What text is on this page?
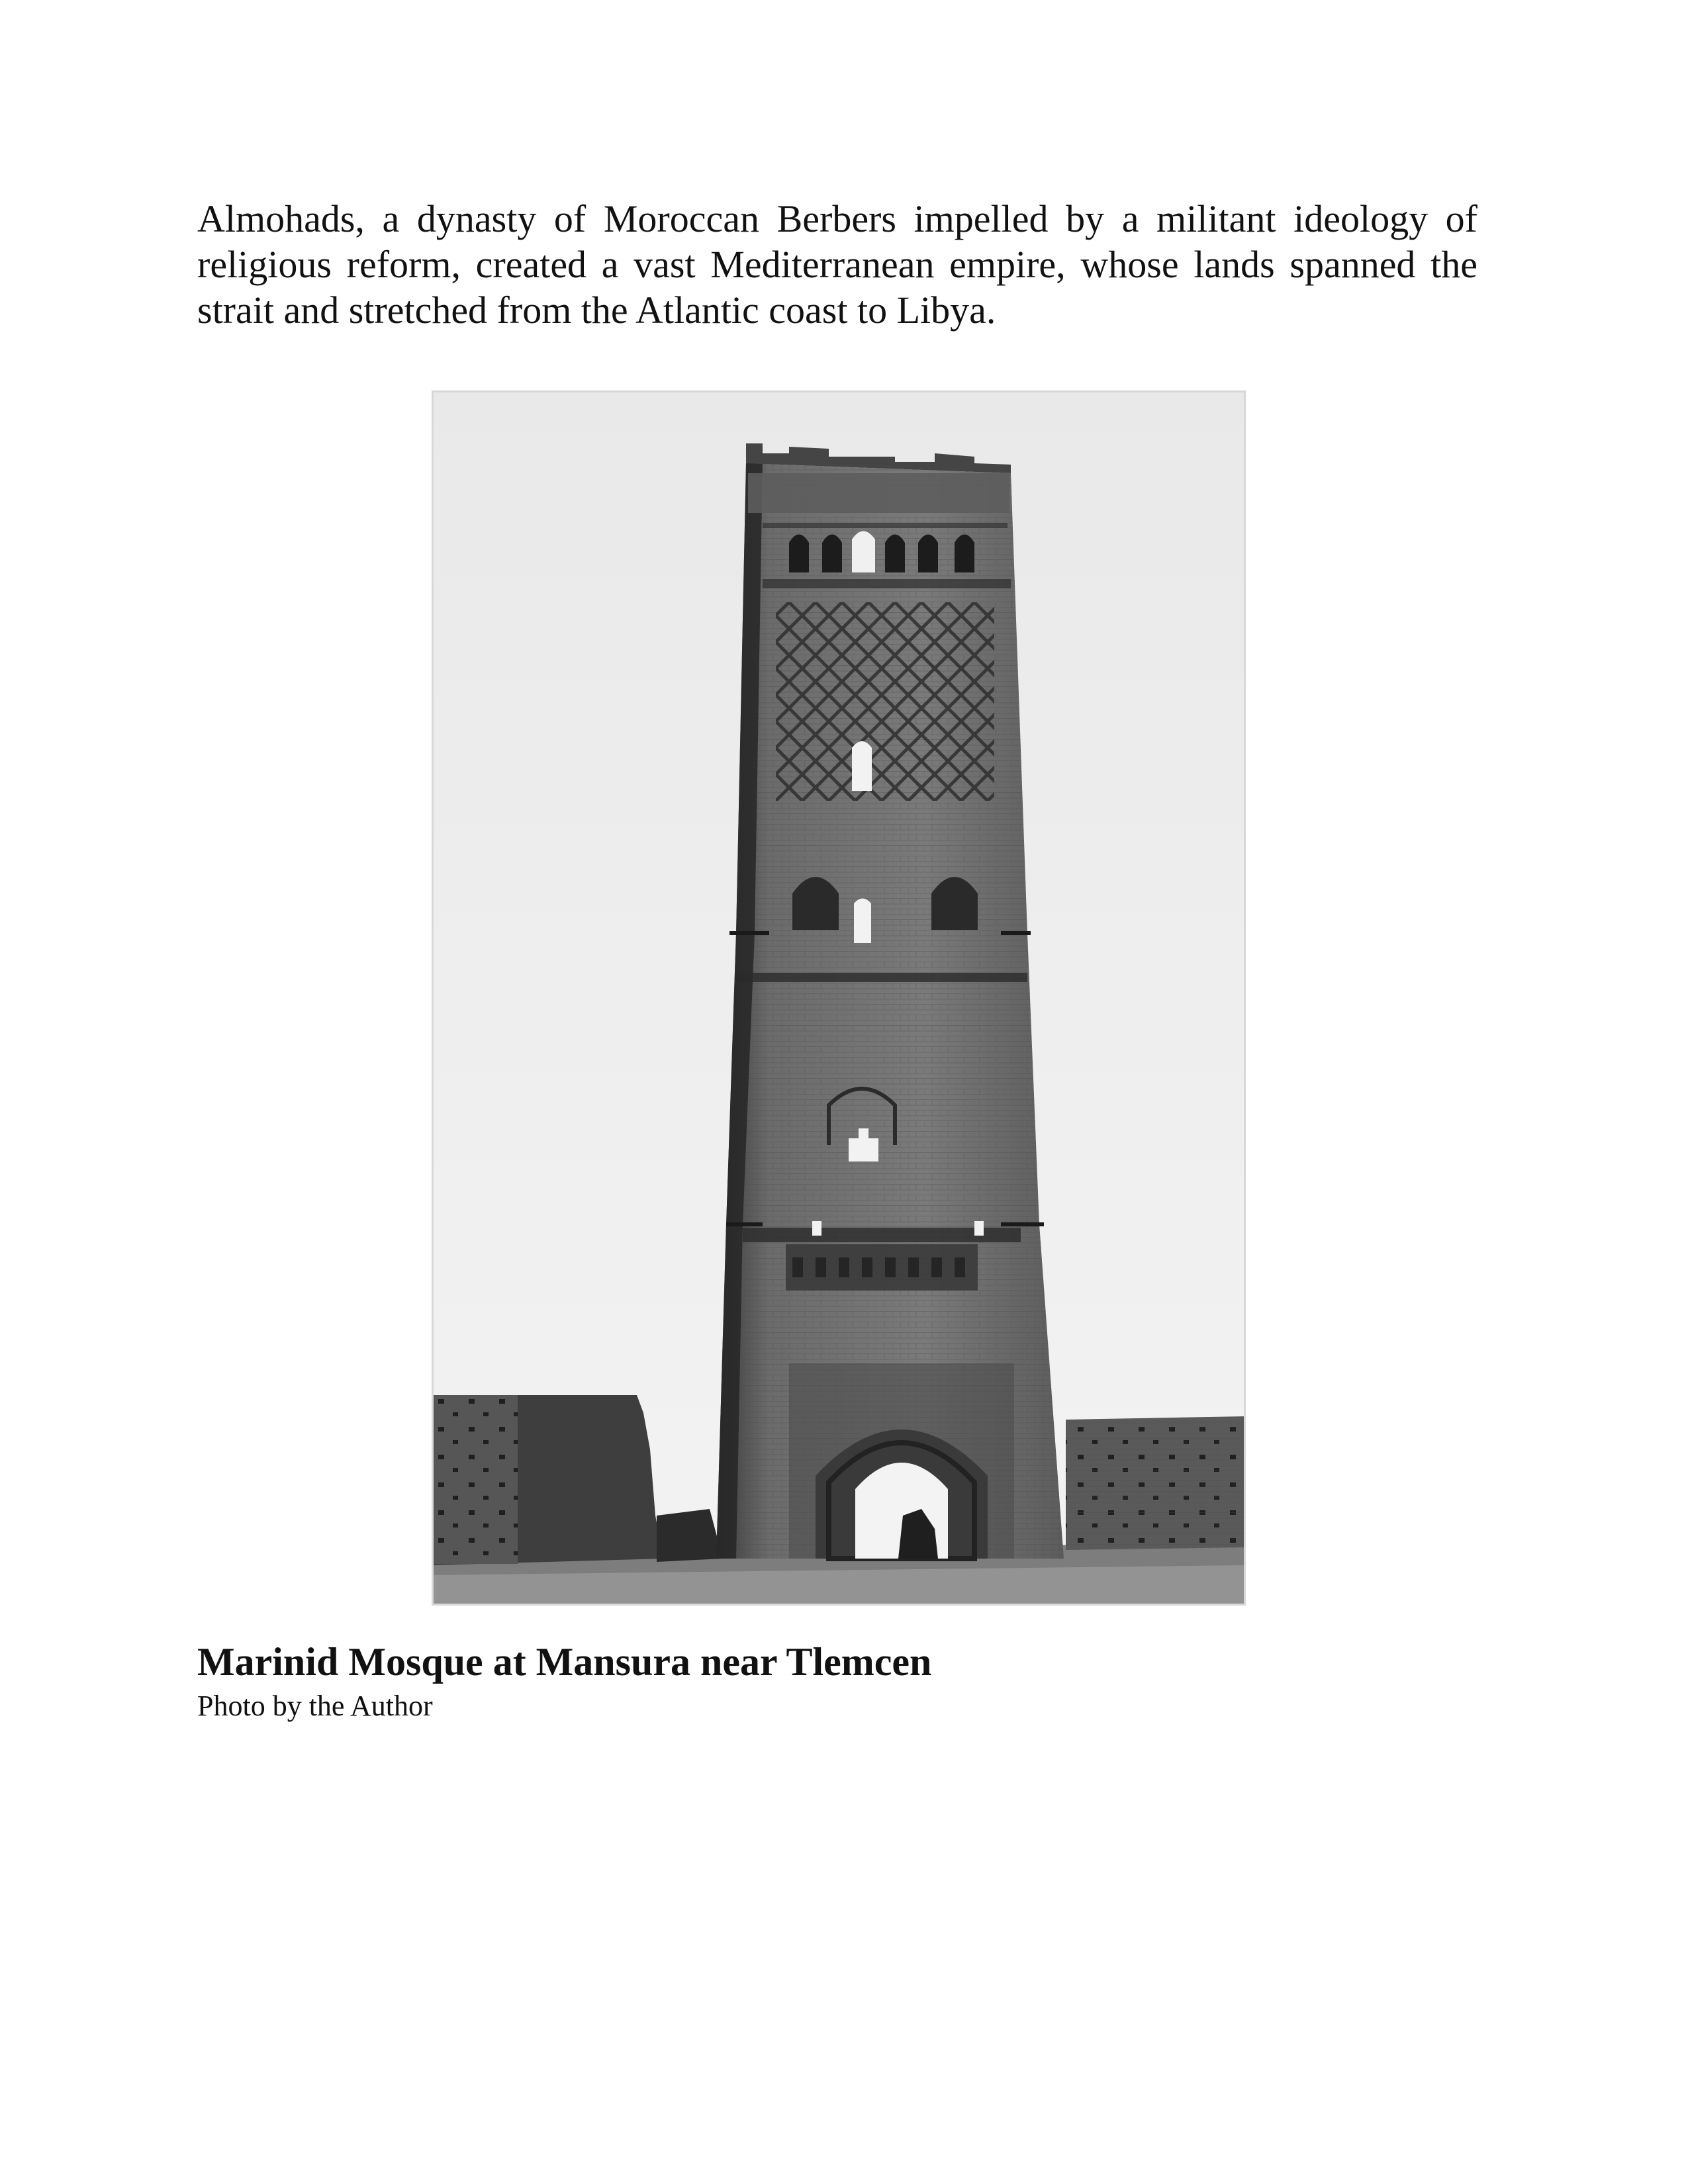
Almohads, a dynasty of Moroccan Berbers impelled by a militant ideology of religious reform, created a vast Mediterranean empire, whose lands spanned the strait and stretched from the Atlantic coast to Libya.

Marinid Mosque at Mansura near Tlemcen

Photo by the Author
